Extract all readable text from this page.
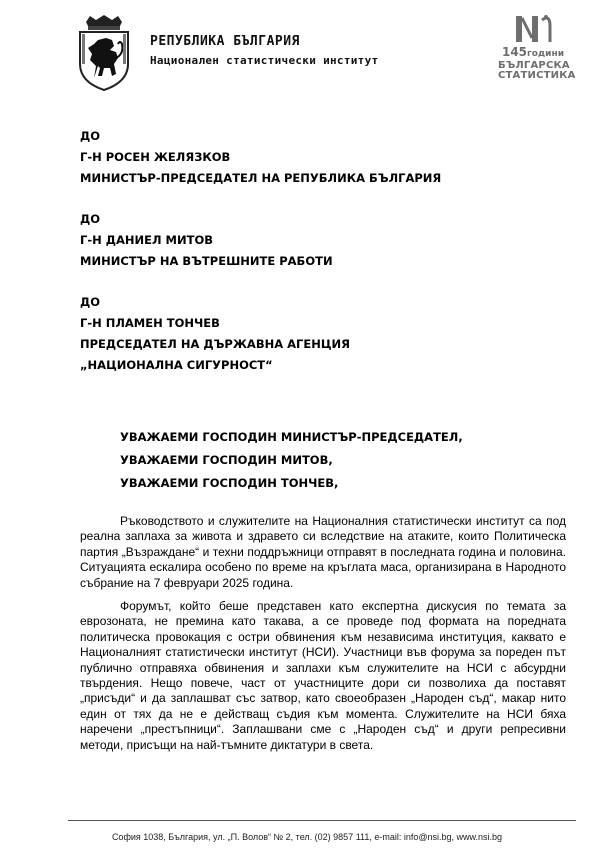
РЕПУБЛИКА БЪЛГАРИЯ
Национален статистически институт
145години
БЪЛГАРСКА
СТАТИСТИКА
ДО
Г-Н РОСЕН ЖЕЛЯЗКОВ
МИНИСТЪР-ПРЕДСЕДАТЕЛ НА РЕПУБЛИКА БЪЛГАРИЯ
ДО
Г-Н ДАНИЕЛ МИТОВ
МИНИСТЪР НА ВЪТРЕШНИТЕ РАБОТИ
ДО
Г-Н ПЛАМЕН ТОНЧЕВ
ПРЕДСЕДАТЕЛ НА ДЪРЖАВНА АГЕНЦИЯ
„НАЦИОНАЛНА СИГУРНОСТ“
УВАЖАЕМИ ГОСПОДИН МИНИСТЪР-ПРЕДСЕДАТЕЛ,
УВАЖАЕМИ ГОСПОДИН МИТОВ,
УВАЖАЕМИ ГОСПОДИН ТОНЧЕВ,

Ръководството и служителите на Националния статистически институт са под реална заплаха за живота и здравето си вследствие на атаките, които Политическа партия „Възраждане“ и техни поддръжници отправят в последната година и половина. Ситуацията ескалира особено по време на кръглата маса, организирана в Народното събрание на 7 февруари 2025 година.

Форумът, който беше представен като експертна дискусия по темата за еврозоната, не премина като такава, а се проведе под формата на поредната политическа провокация с остри обвинения към независима институция, каквато е Националният статистически институт (НСИ). Участници във форума за пореден път публично отправяха обвинения и заплахи към служителите на НСИ с абсурдни твърдения. Нещо повече, част от участниците дори си позволиха да поставят „присъди“ и да заплашват със затвор, като своеобразен „Народен съд“, макар нито един от тях да не е действащ съдия към момента. Служителите на НСИ бяха наречени „престъпници“. Заплашвани сме с „Народен съд“ и други репресивни методи, присъщи на най-тъмните диктатури в света.

София 1038, България, ул. „П. Волов“ № 2, тел. (02) 9857 111, e-mail: info@nsi.bg, www.nsi.bg
